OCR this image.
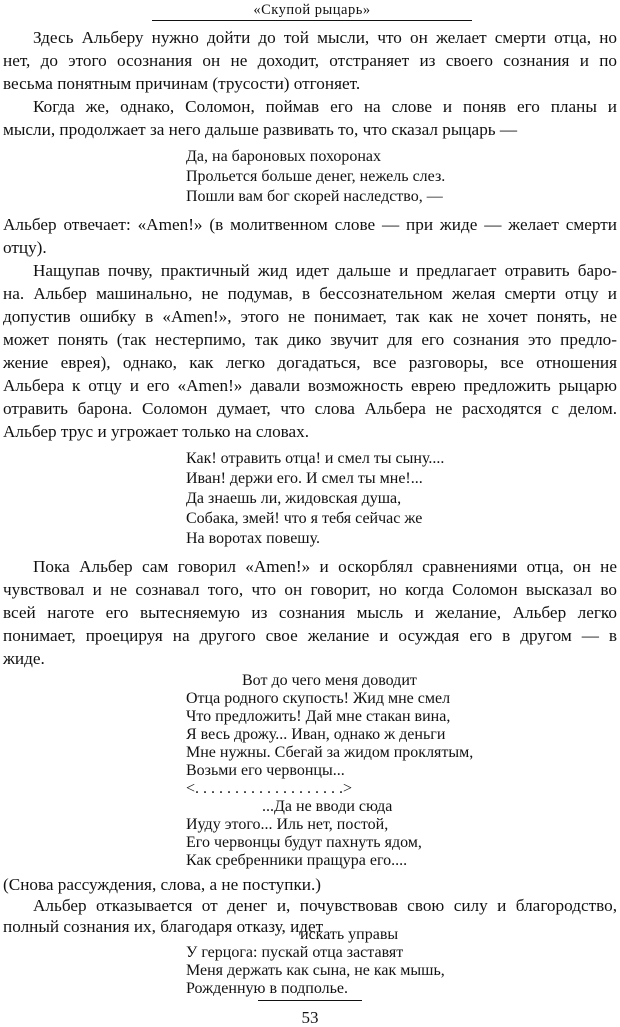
«Скупой рыцарь»
Здесь Альберу нужно дойти до той мысли, что он желает смерти отца, но
нет, до этого осознания он не доходит, отстраняет из своего сознания и по
весьма понятным причинам (трусости) отгоняет.
Когда же, однако, Соломон, поймав его на слове и поняв его планы и
мысли, продолжает за него дальше развивать то, что сказал рыцарь —
Да, на бароновых похоронах
Прольется больше денег, нежель слез.
Пошли вам бог скорей наследство, —
Альбер отвечает: «Amen!» (в молитвенном слове — при жиде — желает смерти
отцу).
Нащупав почву, практичный жид идет дальше и предлагает отравить баро-
на. Альбер машинально, не подумав, в бессознательном желая смерти отцу и
допустив ошибку в «Amen!», этого не понимает, так как не хочет понять, не
может понять (так нестерпимо, так дико звучит для его сознания это предло-
жение еврея), однако, как легко догадаться, все разговоры, все отношения
Альбера к отцу и его «Amen!» давали возможность еврею предложить рыцарю
отравить барона. Соломон думает, что слова Альбера не расходятся с делом.
Альбер трус и угрожает только на словах.
Как! отравить отца! и смел ты сыну....
Иван! держи его. И смел ты мне!...
Да знаешь ли, жидовская душа,
Собака, змей! что я тебя сейчас же
На воротах повешу.
Пока Альбер сам говорил «Amen!» и оскорблял сравнениями отца, он не
чувствовал и не сознавал того, что он говорит, но когда Соломон высказал во
всей наготе его вытесняемую из сознания мысль и желание, Альбер легко
понимает, проецируя на другого свое желание и осуждая его в другом — в
жиде.
Вот до чего меня доводит
Отца родного скупость! Жид мне смел
Что предложить! Дай мне стакан вина,
Я весь дрожу... Иван, однако ж деньги
Мне нужны. Сбегай за жидом проклятым,
Возьми его червонцы...
<. . . . . . . . . . . . . . . . . . .>
...Да не вводи сюда
Иуду этого... Иль нет, постой,
Его червонцы будут пахнуть ядом,
Как сребренники пращура его....
(Снова рассуждения, слова, а не поступки.)
Альбер отказывается от денег и, почувствовав свою силу и благородство,
полный сознания их, благодаря отказу, идет
искать управы
53
У герцога: пускай отца заставят
Меня держать как сына, не как мышь,
Рожденную в подполье.
